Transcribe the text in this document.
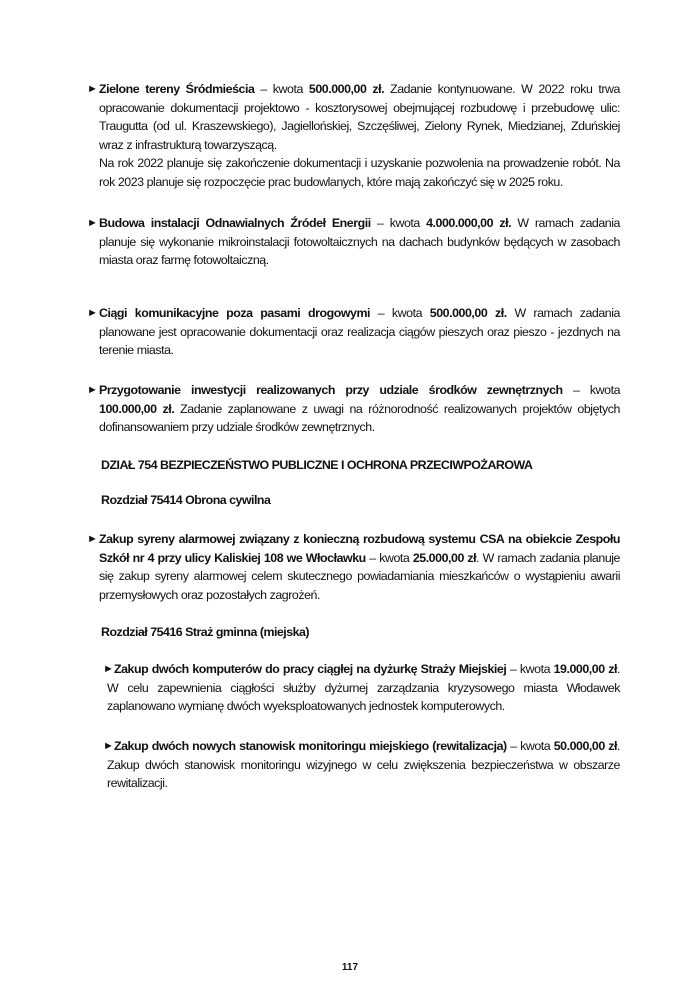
► Zielone tereny Śródmieścia – kwota 500.000,00 zł. Zadanie kontynuowane. W 2022 roku trwa
opracowanie dokumentacji projektowo - kosztorysowej obejmującej rozbudowę i przebudowę ulic:
Traugutta (od ul. Kraszewskiego), Jagiellońskiej, Szczęśliwej, Zielony Rynek, Miedzianej, Zduńskiej
wraz z infrastrukturą towarzyszącą.
Na rok 2022 planuje się zakończenie dokumentacji i uzyskanie pozwolenia na prowadzenie robót. Na
rok 2023 planuje się rozpoczęcie prac budowlanych, które mają zakończyć się w 2025 roku.
► Budowa instalacji Odnawialnych Źródeł Energii – kwota 4.000.000,00 zł. W ramach zadania
planuje się wykonanie mikroinstalacji fotowoltaicznych na dachach budynków będących w zasobach
miasta oraz farmę fotowoltaiczną.
► Ciągi komunikacyjne poza pasami drogowymi – kwota 500.000,00 zł. W ramach zadania
planowane jest opracowanie dokumentacji oraz realizacja ciągów pieszych oraz pieszo - jezdnych na
terenie miasta.
► Przygotowanie inwestycji realizowanych przy udziale środków zewnętrznych – kwota
100.000,00 zł. Zadanie zaplanowane z uwagi na różnorodność realizowanych projektów objętych
dofinansowaniem przy udziale środków zewnętrznych.
DZIAŁ 754 BEZPIECZEŃSTWO PUBLICZNE I OCHRONA PRZECIWPOŻAROWA
Rozdział 75414 Obrona cywilna
► Zakup syreny alarmowej związany z konieczną rozbudową systemu CSA na obiekcie Zespołu
Szkół nr 4 przy ulicy Kaliskiej 108 we Włocławku – kwota 25.000,00 zł. W ramach zadania planuje
się zakup syreny alarmowej celem skutecznego powiadamiania mieszkańców o wystąpieniu awarii
przemysłowych oraz pozostałych zagrożeń.
Rozdział 75416 Straż gminna (miejska)
► Zakup dwóch komputerów do pracy ciągłej na dyżurkę Straży Miejskiej – kwota 19.000,00 zł.
W celu zapewnienia ciągłości służby dyżurnej zarządzania kryzysowego miasta Włodawek
zaplanowano wymianę dwóch wyeksploatowanych jednostek komputerowych.
► Zakup dwóch nowych stanowisk monitoringu miejskiego (rewitalizacja) – kwota 50.000,00 zł.
Zakup dwóch stanowisk monitoringu wizyjnego w celu zwiększenia bezpieczeństwa w obszarze
rewitalizacji.
117
